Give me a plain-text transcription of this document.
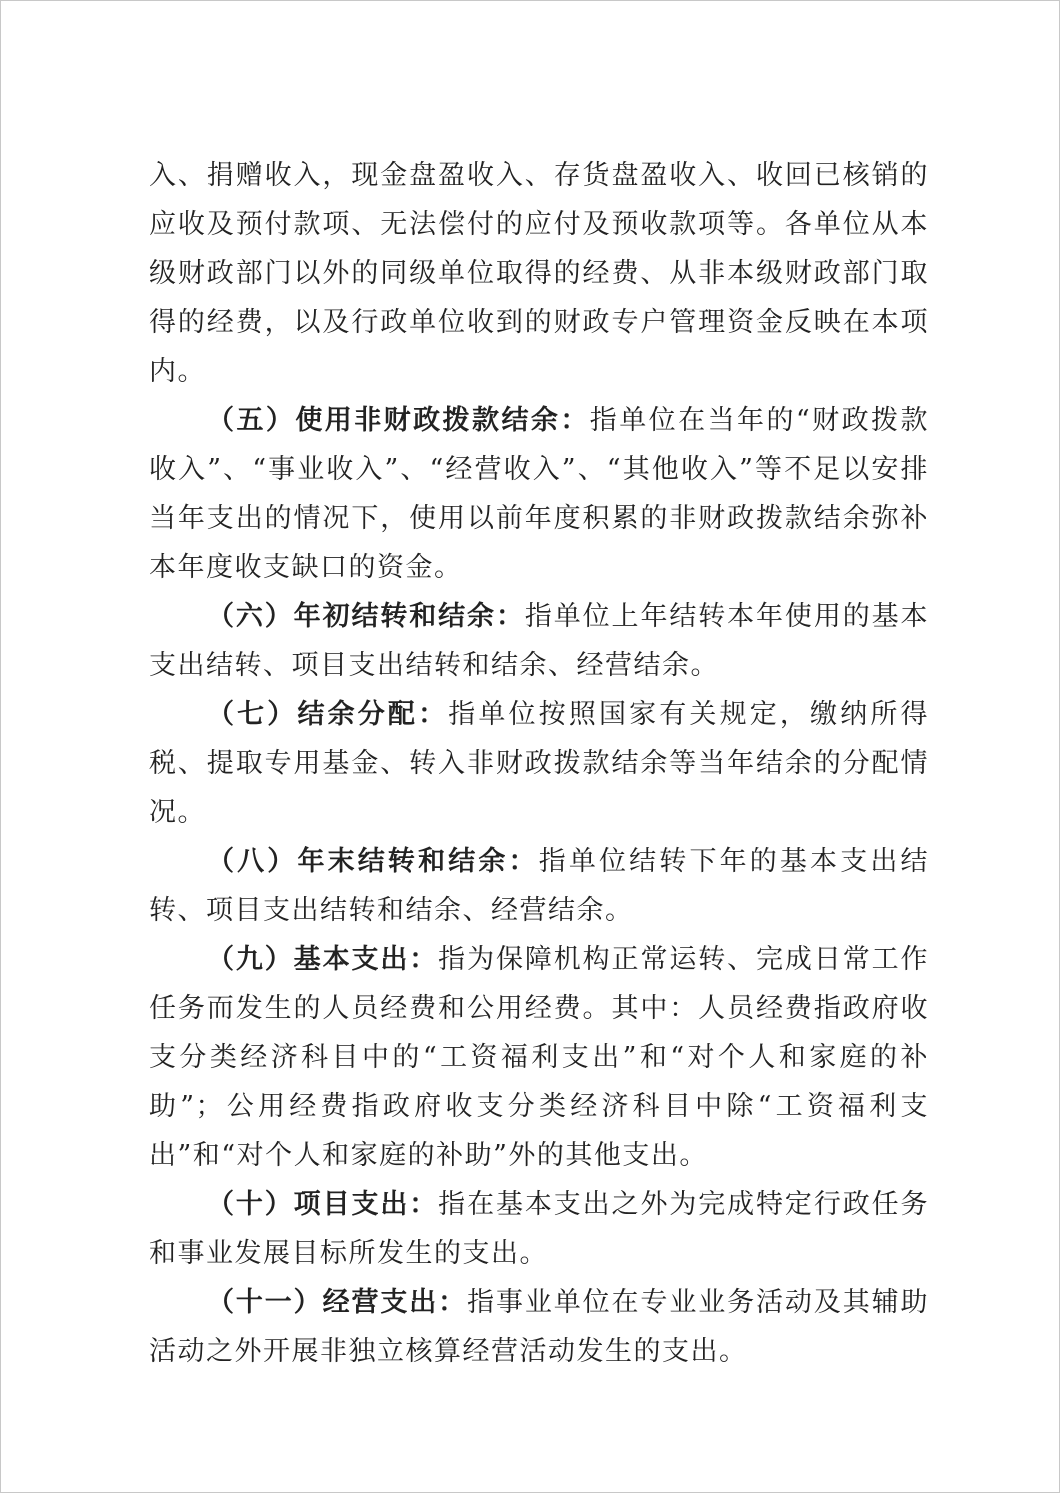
入、捐赠收入，现金盘盈收入、存货盘盈收入、收回已核销的应收及预付款项、无法偿付的应付及预收款项等。各单位从本级财政部门以外的同级单位取得的经费、从非本级财政部门取得的经费，以及行政单位收到的财政专户管理资金反映在本项内。

（五）使用非财政拨款结余：指单位在当年的“财政拨款收入”、“事业收入”、“经营收入”、“其他收入”等不足以安排当年支出的情况下，使用以前年度积累的非财政拨款结余弥补本年度收支缺口的资金。

（六）年初结转和结余：指单位上年结转本年使用的基本支出结转、项目支出结转和结余、经营结余。

（七）结余分配：指单位按照国家有关规定，缴纳所得税、提取专用基金、转入非财政拨款结余等当年结余的分配情况。

（八）年末结转和结余：指单位结转下年的基本支出结转、项目支出结转和结余、经营结余。

（九）基本支出：指为保障机构正常运转、完成日常工作任务而发生的人员经费和公用经费。其中：人员经费指政府收支分类经济科目中的“工资福利支出”和“对个人和家庭的补助”；公用经费指政府收支分类经济科目中除“工资福利支出”和“对个人和家庭的补助”外的其他支出。

（十）项目支出：指在基本支出之外为完成特定行政任务和事业发展目标所发生的支出。

（十一）经营支出：指事业单位在专业业务活动及其辅助活动之外开展非独立核算经营活动发生的支出。
